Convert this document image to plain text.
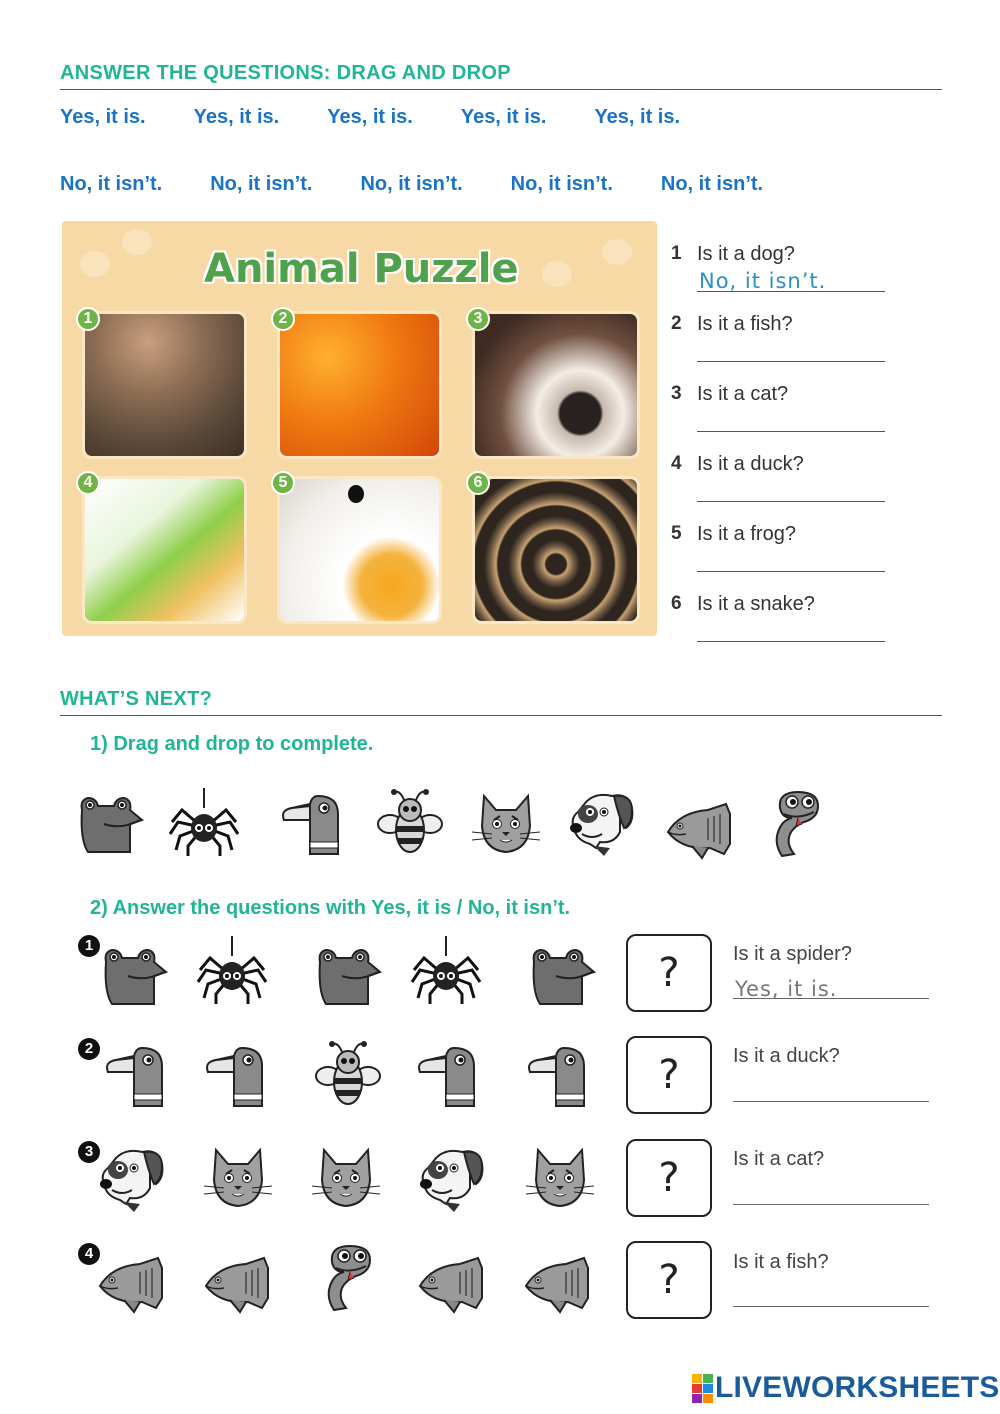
ANSWER THE QUESTIONS: DRAG AND DROP
Yes, it is. Yes, it is. Yes, it is. Yes, it is. Yes, it is.
No, it isn’t. No, it isn’t. No, it isn’t. No, it isn’t. No, it isn’t.
Animal Puzzle
1	2	3
4	5	6
1 Is it a dog?
No, it isn’t.
2 Is it a fish?
3 Is it a cat?
4 Is it a duck?
5 Is it a frog?
6 Is it a snake?
WHAT’S NEXT?
1) Drag and drop to complete.
2) Answer the questions with Yes, it is / No, it isn’t.
1
?	Is it a spider?
Yes, it is.
2
?	Is it a duck?
3
?	Is it a cat?
4
?	Is it a fish?
LIVEWORKSHEETS
